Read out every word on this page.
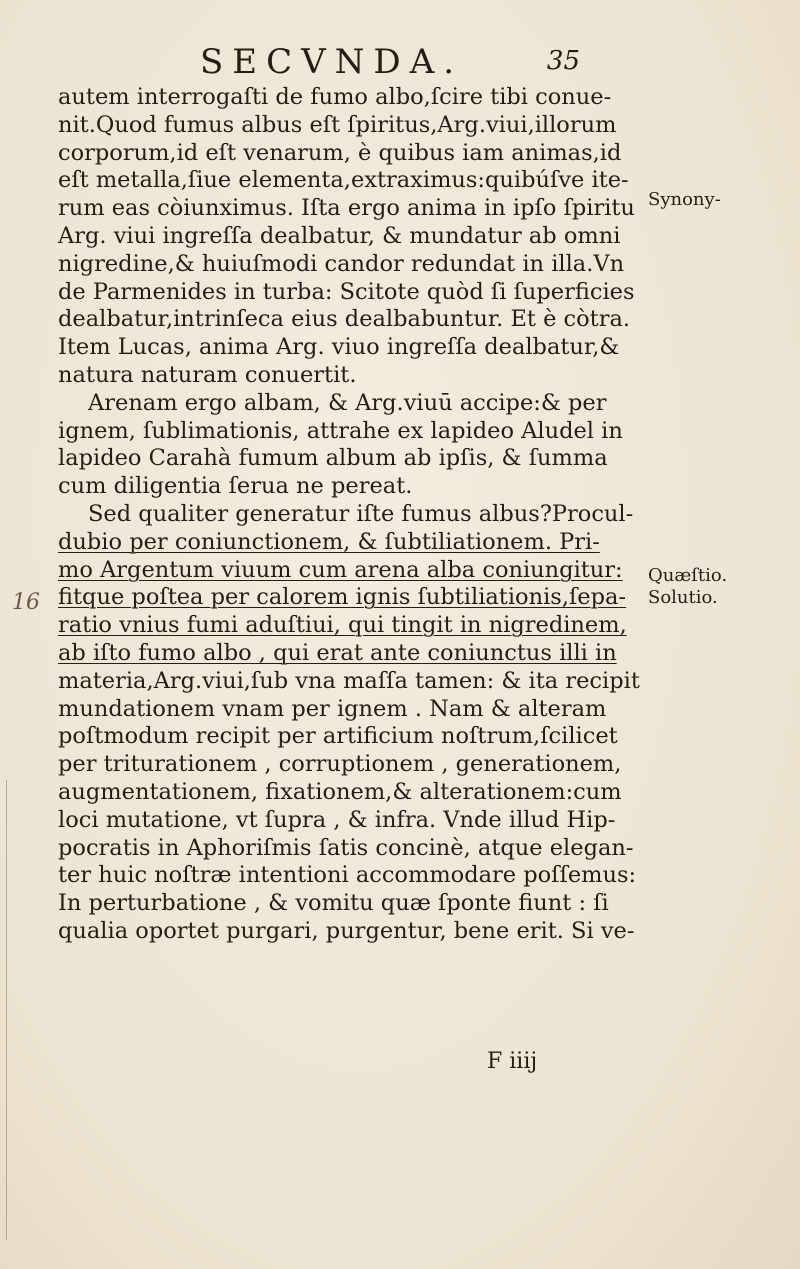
SECVNDA.	35
autem interrogaſti de fumo albo,ſcire tibi conue-
nit.Quod fumus albus eſt ſpiritus,Arg.viui,illorum
corporum,id eſt venarum, è quibus iam animas,id
eſt metalla,ſiue elementa,extraximus:quibúſve ite-
rum eas còiunximus. Iſta ergo anima in ipſo ſpiritu
Arg. viui ingreſſa dealbatur, & mundatur ab omni
nigredine,& huiuſmodi candor redundat in illa.Vn
de Parmenides in turba: Scitote quòd ſi ſuperficies
dealbatur,intrinſeca eius dealbabuntur. Et è còtra.
Item Lucas, anima Arg. viuo ingreſſa dealbatur,&
natura naturam conuertit.
Arenam ergo albam, & Arg.viuū accipe:& per
ignem, ſublimationis, attrahe ex lapideo Aludel in
lapideo Carahà fumum album ab ipſis, & ſumma
cum diligentia ſerua ne pereat.
Sed qualiter generatur iſte fumus albus?Procul-
dubio per coniunctionem, & ſubtiliationem. Pri-
mo Argentum viuum cum arena alba coniungitur:
fitque poſtea per calorem ignis ſubtiliationis,ſepa-
ratio vnius fumi aduſtiui, qui tingit in nigredinem,
ab iſto fumo albo , qui erat ante coniunctus illi in
materia,Arg.viui,ſub vna maſſa tamen: & ita recipit
mundationem vnam per ignem . Nam & alteram
poſtmodum recipit per artificium noſtrum,ſcilicet
per triturationem , corruptionem , generationem,
augmentationem, fixationem,& alterationem:cum
loci mutatione, vt ſupra , & infra. Vnde illud Hip-
pocratis in Aphoriſmis ſatis concinè, atque elegan-
ter huic noſtræ intentioni accommodare poſſemus:
In perturbatione , & vomitu quæ ſponte fiunt : ſi
qualia oportet purgari, purgentur, bene erit. Si ve-
F iiij
Synony-
Quæſtio.
Solutio.
16
